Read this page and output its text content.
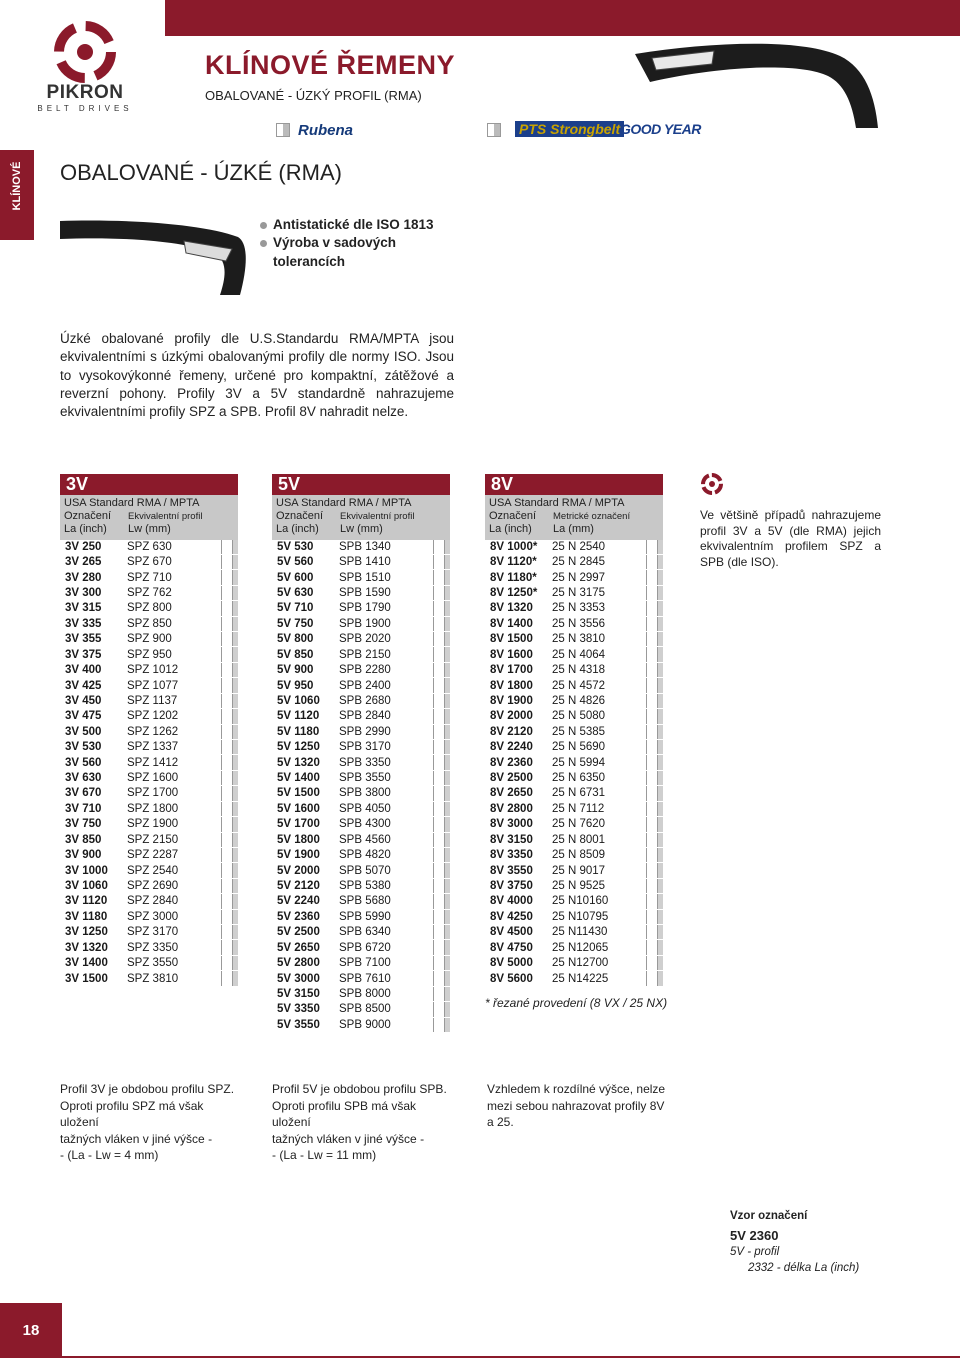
PIKRON
BELT DRIVES
KLÍNOVÉ ŘEMENY
OBALOVANÉ - ÚZKÝ PROFIL (RMA)
Rubena	PTS Strongbelt GOOD YEAR
KLÍNOVÉ OBALOVANÉ - ÚZKÉ (RMA)
Antistatické dle ISO 1813
Výroba v sadových
tolerancích
Úzké obalované profily dle U.S.Standardu RMA/MPTA jsou ekvivalentními s úzkými obalovanými profily dle normy ISO. Jsou to vysokovýkonné řemeny, určené pro kompaktní, zátěžové a reverzní pohony. Profily 3V a 5V standardně nahrazujeme ekvivalentními profily SPZ a SPB. Profil 8V nahradit nelze.
3V
USA Standard RMA / MPTA
Označení Ekvivalentní profil
La (inch) Lw (mm)
3V 250	SPZ 630
3V 265	SPZ 670
3V 280	SPZ 710
3V 300	SPZ 762
3V 315	SPZ 800
3V 335	SPZ 850
3V 355	SPZ 900
3V 375	SPZ 950
3V 400	SPZ 1012
3V 425	SPZ 1077
3V 450	SPZ 1137
3V 475	SPZ 1202
3V 500	SPZ 1262
3V 530	SPZ 1337
3V 560	SPZ 1412
3V 630	SPZ 1600
3V 670	SPZ 1700
3V 710	SPZ 1800
3V 750	SPZ 1900
3V 850	SPZ 2150
3V 900	SPZ 2287
3V 1000	SPZ 2540
3V 1060	SPZ 2690
3V 1120	SPZ 2840
3V 1180	SPZ 3000
3V 1250	SPZ 3170
3V 1320	SPZ 3350
3V 1400	SPZ 3550
3V 1500	SPZ 3810
5V
USA Standard RMA / MPTA
Označení Ekvivalentní profil
La (inch) Lw (mm)
5V 530	SPB 1340
5V 560	SPB 1410
5V 600	SPB 1510
5V 630	SPB 1590
5V 710	SPB 1790
5V 750	SPB 1900
5V 800	SPB 2020
5V 850	SPB 2150
5V 900	SPB 2280
5V 950	SPB 2400
5V 1060	SPB 2680
5V 1120	SPB 2840
5V 1180	SPB 2990
5V 1250	SPB 3170
5V 1320	SPB 3350
5V 1400	SPB 3550
5V 1500	SPB 3800
5V 1600	SPB 4050
5V 1700	SPB 4300
5V 1800	SPB 4560
5V 1900	SPB 4820
5V 2000	SPB 5070
5V 2120	SPB 5380
5V 2240	SPB 5680
5V 2360	SPB 5990
5V 2500	SPB 6340
5V 2650	SPB 6720
5V 2800	SPB 7100
5V 3000	SPB 7610
5V 3150	SPB 8000
5V 3350	SPB 8500
5V 3550	SPB 9000
8V
USA Standard RMA / MPTA
Označení Metrické označení
La (inch) La (mm)
8V 1000*	25 N 2540
8V 1120*	25 N 2845
8V 1180*	25 N 2997
8V 1250*	25 N 3175
8V 1320	25 N 3353
8V 1400	25 N 3556
8V 1500	25 N 3810
8V 1600	25 N 4064
8V 1700	25 N 4318
8V 1800	25 N 4572
8V 1900	25 N 4826
8V 2000	25 N 5080
8V 2120	25 N 5385
8V 2240	25 N 5690
8V 2360	25 N 5994
8V 2500	25 N 6350
8V 2650	25 N 6731
8V 2800	25 N 7112
8V 3000	25 N 7620
8V 3150	25 N 8001
8V 3350	25 N 8509
8V 3550	25 N 9017
8V 3750	25 N 9525
8V 4000	25 N10160
8V 4250	25 N10795
8V 4500	25 N11430
8V 4750	25 N12065
8V 5000	25 N12700
8V 5600	25 N14225
* řezané provedení (8 VX / 25 NX)
Ve většině případů nahrazujeme profil 3V a 5V (dle RMA) jejich ekvivalentním profilem SPZ a SPB (dle ISO).
Profil 3V je obdobou profilu SPZ.
Oproti profilu SPZ má však uložení
tažných vláken v jiné výšce -
- (La - Lw = 4 mm)
Profil 5V je obdobou profilu SPB.
Oproti profilu SPB má však uložení
tažných vláken v jiné výšce -
- (La - Lw = 11 mm)
Vzhledem k rozdílné výšce, nelze
mezi sebou nahrazovat profily 8V
a 25.
Vzor označení
5V 2360
5V - profil
2332 - délka La (inch)
18
